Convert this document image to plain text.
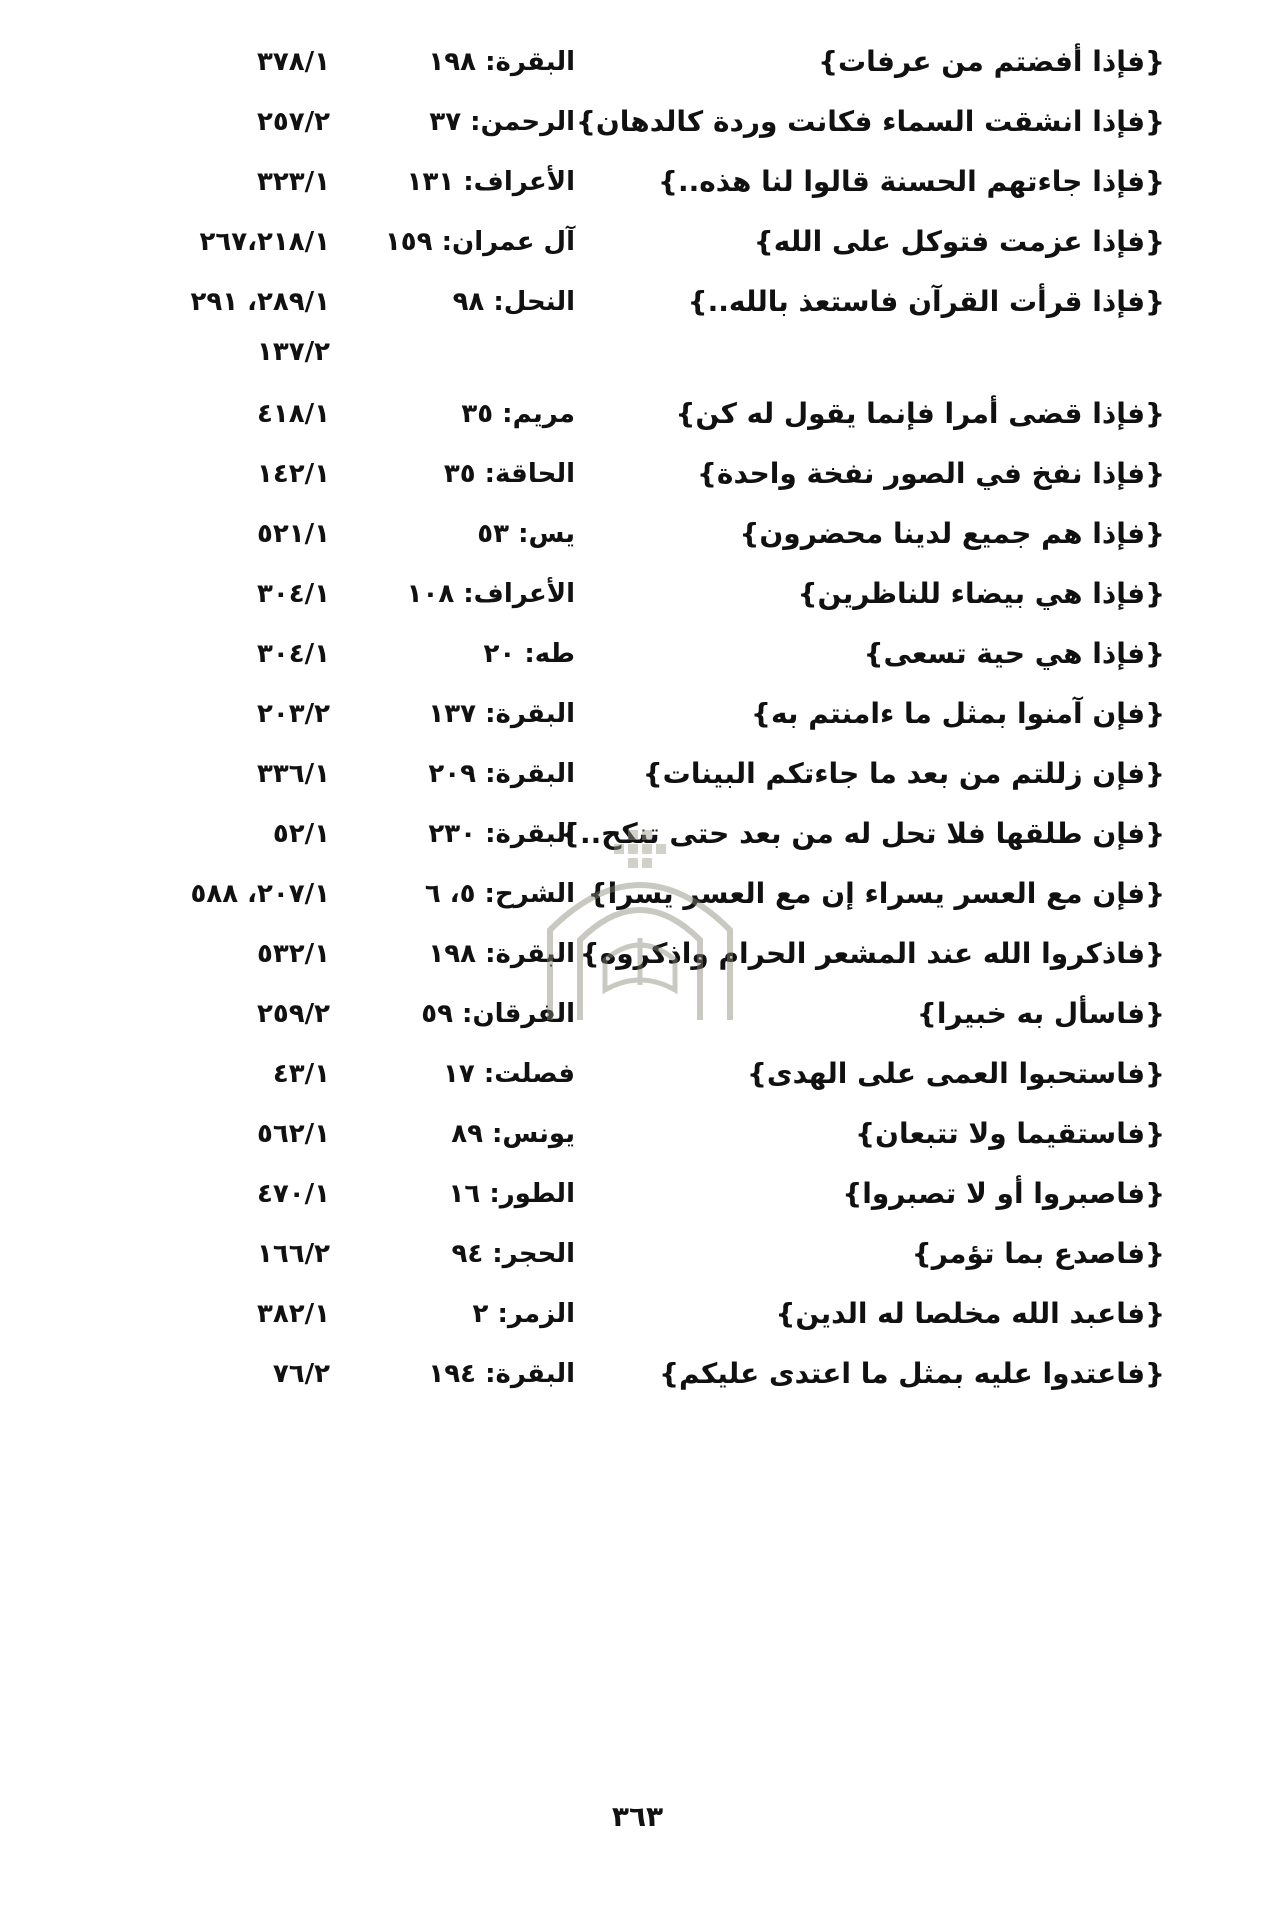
{فإذا أفضتم من عرفات}
البقرة: ١٩٨
٣٧٨/١
{فإذا انشقت السماء فكانت وردة كالدهان}
الرحمن: ٣٧
٢٥٧/٢
{فإذا جاءتهم الحسنة قالوا لنا هذه..}
الأعراف: ١٣١
٣٢٣/١
{فإذا عزمت فتوكل على الله}
آل عمران: ١٥٩
٢٦٧،٢١٨/١
{فإذا قرأت القرآن فاستعذ بالله..}
النحل: ٩٨
٢٨٩/١، ٢٩١
١٣٧/٢
{فإذا قضى أمرا فإنما يقول له كن}
مريم: ٣٥
٤١٨/١
{فإذا نفخ في الصور نفخة واحدة}
الحاقة: ٣٥
١٤٢/١
{فإذا هم جميع لدينا محضرون}
يس: ٥٣
٥٢١/١
{فإذا هي بيضاء للناظرين}
الأعراف: ١٠٨
٣٠٤/١
{فإذا هي حية تسعى}
طه: ٢٠
٣٠٤/١
{فإن آمنوا بمثل ما ءامنتم به}
البقرة: ١٣٧
٢٠٣/٢
{فإن زللتم من بعد ما جاءتكم البينات}
البقرة: ٢٠٩
٣٣٦/١
{فإن طلقها فلا تحل له من بعد حتى تنكح..}
البقرة: ٢٣٠
٥٢/١
{فإن مع العسر يسراء إن مع العسر يسرا}
الشرح: ٥، ٦
٢٠٧/١، ٥٨٨
{فاذكروا الله عند المشعر الحرام واذكروه}
البقرة: ١٩٨
٥٣٢/١
{فاسأل به خبيرا}
الفرقان: ٥٩
٢٥٩/٢
{فاستحبوا العمى على الهدى}
فصلت: ١٧
٤٣/١
{فاستقيما ولا تتبعان}
يونس: ٨٩
٥٦٢/١
{فاصبروا أو لا تصبروا}
الطور: ١٦
٤٧٠/١
{فاصدع بما تؤمر}
الحجر: ٩٤
١٦٦/٢
{فاعبد الله مخلصا له الدين}
الزمر: ٢
٣٨٢/١
{فاعتدوا عليه بمثل ما اعتدى عليكم}
البقرة: ١٩٤
٧٦/٢
٣٦٣
